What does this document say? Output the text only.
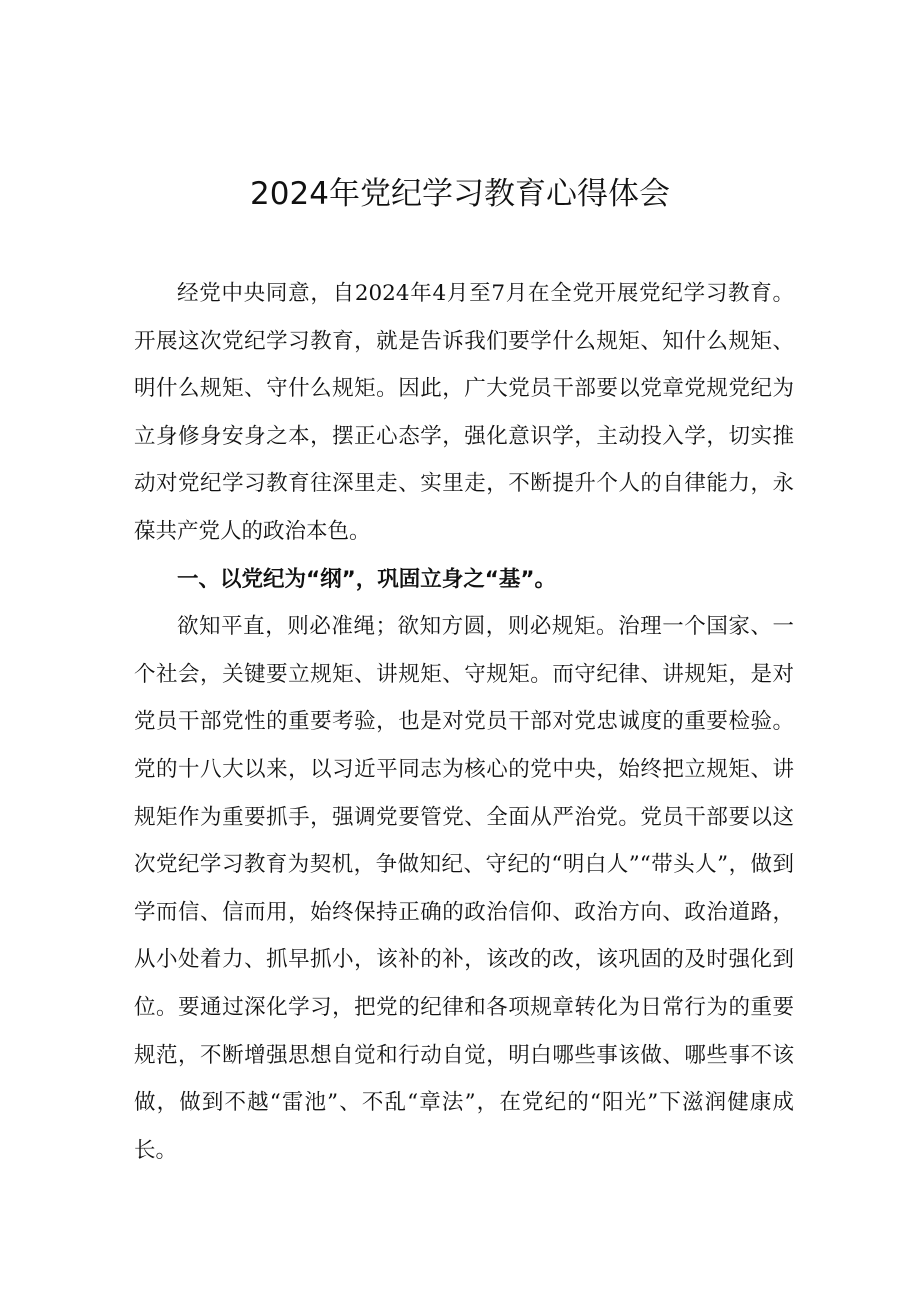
2024年党纪学习教育心得体会

经党中央同意，自2024年4月至7月在全党开展党纪学习教育。开展这次党纪学习教育，就是告诉我们要学什么规矩、知什么规矩、明什么规矩、守什么规矩。因此，广大党员干部要以党章党规党纪为立身修身安身之本，摆正心态学，强化意识学，主动投入学，切实推动对党纪学习教育往深里走、实里走，不断提升个人的自律能力，永葆共产党人的政治本色。

一、以党纪为“纲”，巩固立身之“基”。

欲知平直，则必准绳；欲知方圆，则必规矩。治理一个国家、一个社会，关键要立规矩、讲规矩、守规矩。而守纪律、讲规矩，是对党员干部党性的重要考验，也是对党员干部对党忠诚度的重要检验。党的十八大以来，以习近平同志为核心的党中央，始终把立规矩、讲规矩作为重要抓手，强调党要管党、全面从严治党。党员干部要以这次党纪学习教育为契机，争做知纪、守纪的“明白人”“带头人”，做到学而信、信而用，始终保持正确的政治信仰、政治方向、政治道路，从小处着力、抓早抓小，该补的补，该改的改，该巩固的及时强化到位。要通过深化学习，把党的纪律和各项规章转化为日常行为的重要规范，不断增强思想自觉和行动自觉，明白哪些事该做、哪些事不该做，做到不越“雷池”、不乱“章法”，在党纪的“阳光”下滋润健康成长。
